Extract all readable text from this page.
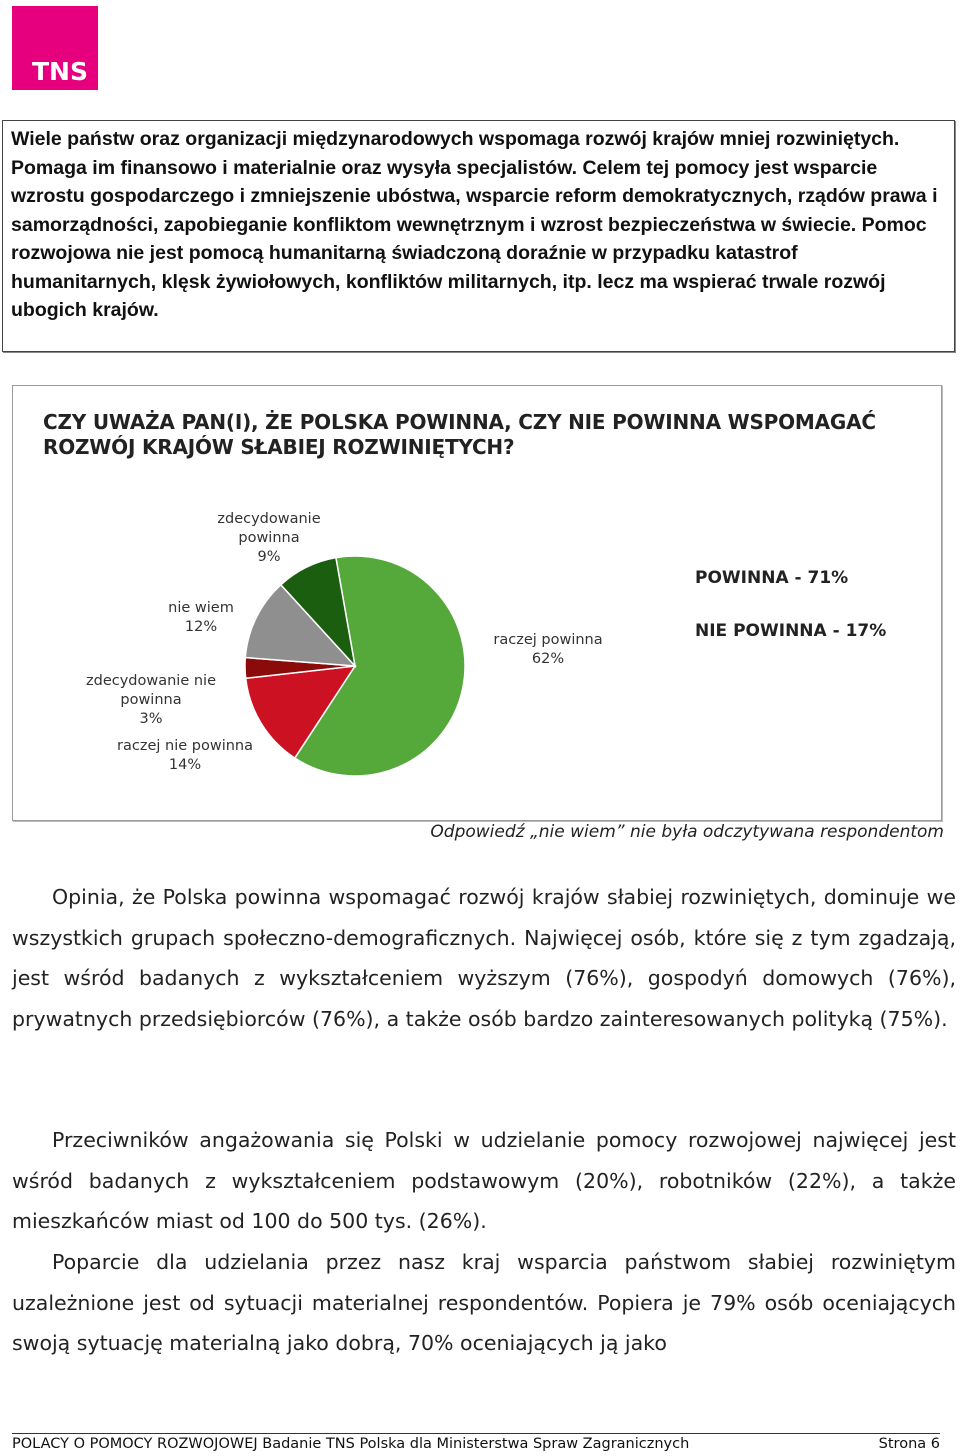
TNS
Wiele państw oraz organizacji międzynarodowych wspomaga rozwój krajów mniej rozwiniętych. Pomaga im finansowo i materialnie oraz wysyła specjalistów. Celem tej pomocy jest wsparcie wzrostu gospodarczego i zmniejszenie ubóstwa, wsparcie reform demokratycznych, rządów prawa i samorządności, zapobieganie konfliktom wewnętrznym i wzrost bezpieczeństwa w świecie. Pomoc rozwojowa nie jest pomocą humanitarną świadczoną doraźnie w przypadku katastrof humanitarnych, klęsk żywiołowych, konfliktów militarnych, itp. lecz ma wspierać trwale rozwój ubogich krajów.
CZY UWAŻA PAN(I), ŻE POLSKA POWINNA, CZY NIE POWINNA WSPOMAGAĆ ROZWÓJ KRAJÓW SŁABIEJ ROZWINIĘTYCH?
raczej powinna
62%
raczej nie powinna
14%
zdecydowanie nie
powinna
3%
nie wiem
12%
zdecydowanie
powinna
9%
POWINNA - 71%
NIE POWINNA - 17%
Odpowiedź „nie wiem” nie była odczytywana respondentom
Opinia, że Polska powinna wspomagać rozwój krajów słabiej rozwiniętych, dominuje we wszystkich grupach społeczno-demograficznych. Najwięcej osób, które się z tym zgadzają, jest wśród badanych z wykształceniem wyższym (76%), gospodyń domowych (76%), prywatnych przedsiębiorców (76%), a także osób bardzo zainteresowanych polityką (75%).
Przeciwników angażowania się Polski w udzielanie pomocy rozwojowej najwięcej jest wśród badanych z wykształceniem podstawowym (20%), robotników (22%), a także mieszkańców miast od 100 do 500 tys. (26%).
Poparcie dla udzielania przez nasz kraj wsparcia państwom słabiej rozwiniętym uzależnione jest od sytuacji materialnej respondentów. Popiera je 79% osób oceniających swoją sytuację materialną jako dobrą, 70% oceniających ją jako
POLACY O POMOCY ROZWOJOWEJ Badanie TNS Polska dla Ministerstwa Spraw Zagranicznych	Strona 6
